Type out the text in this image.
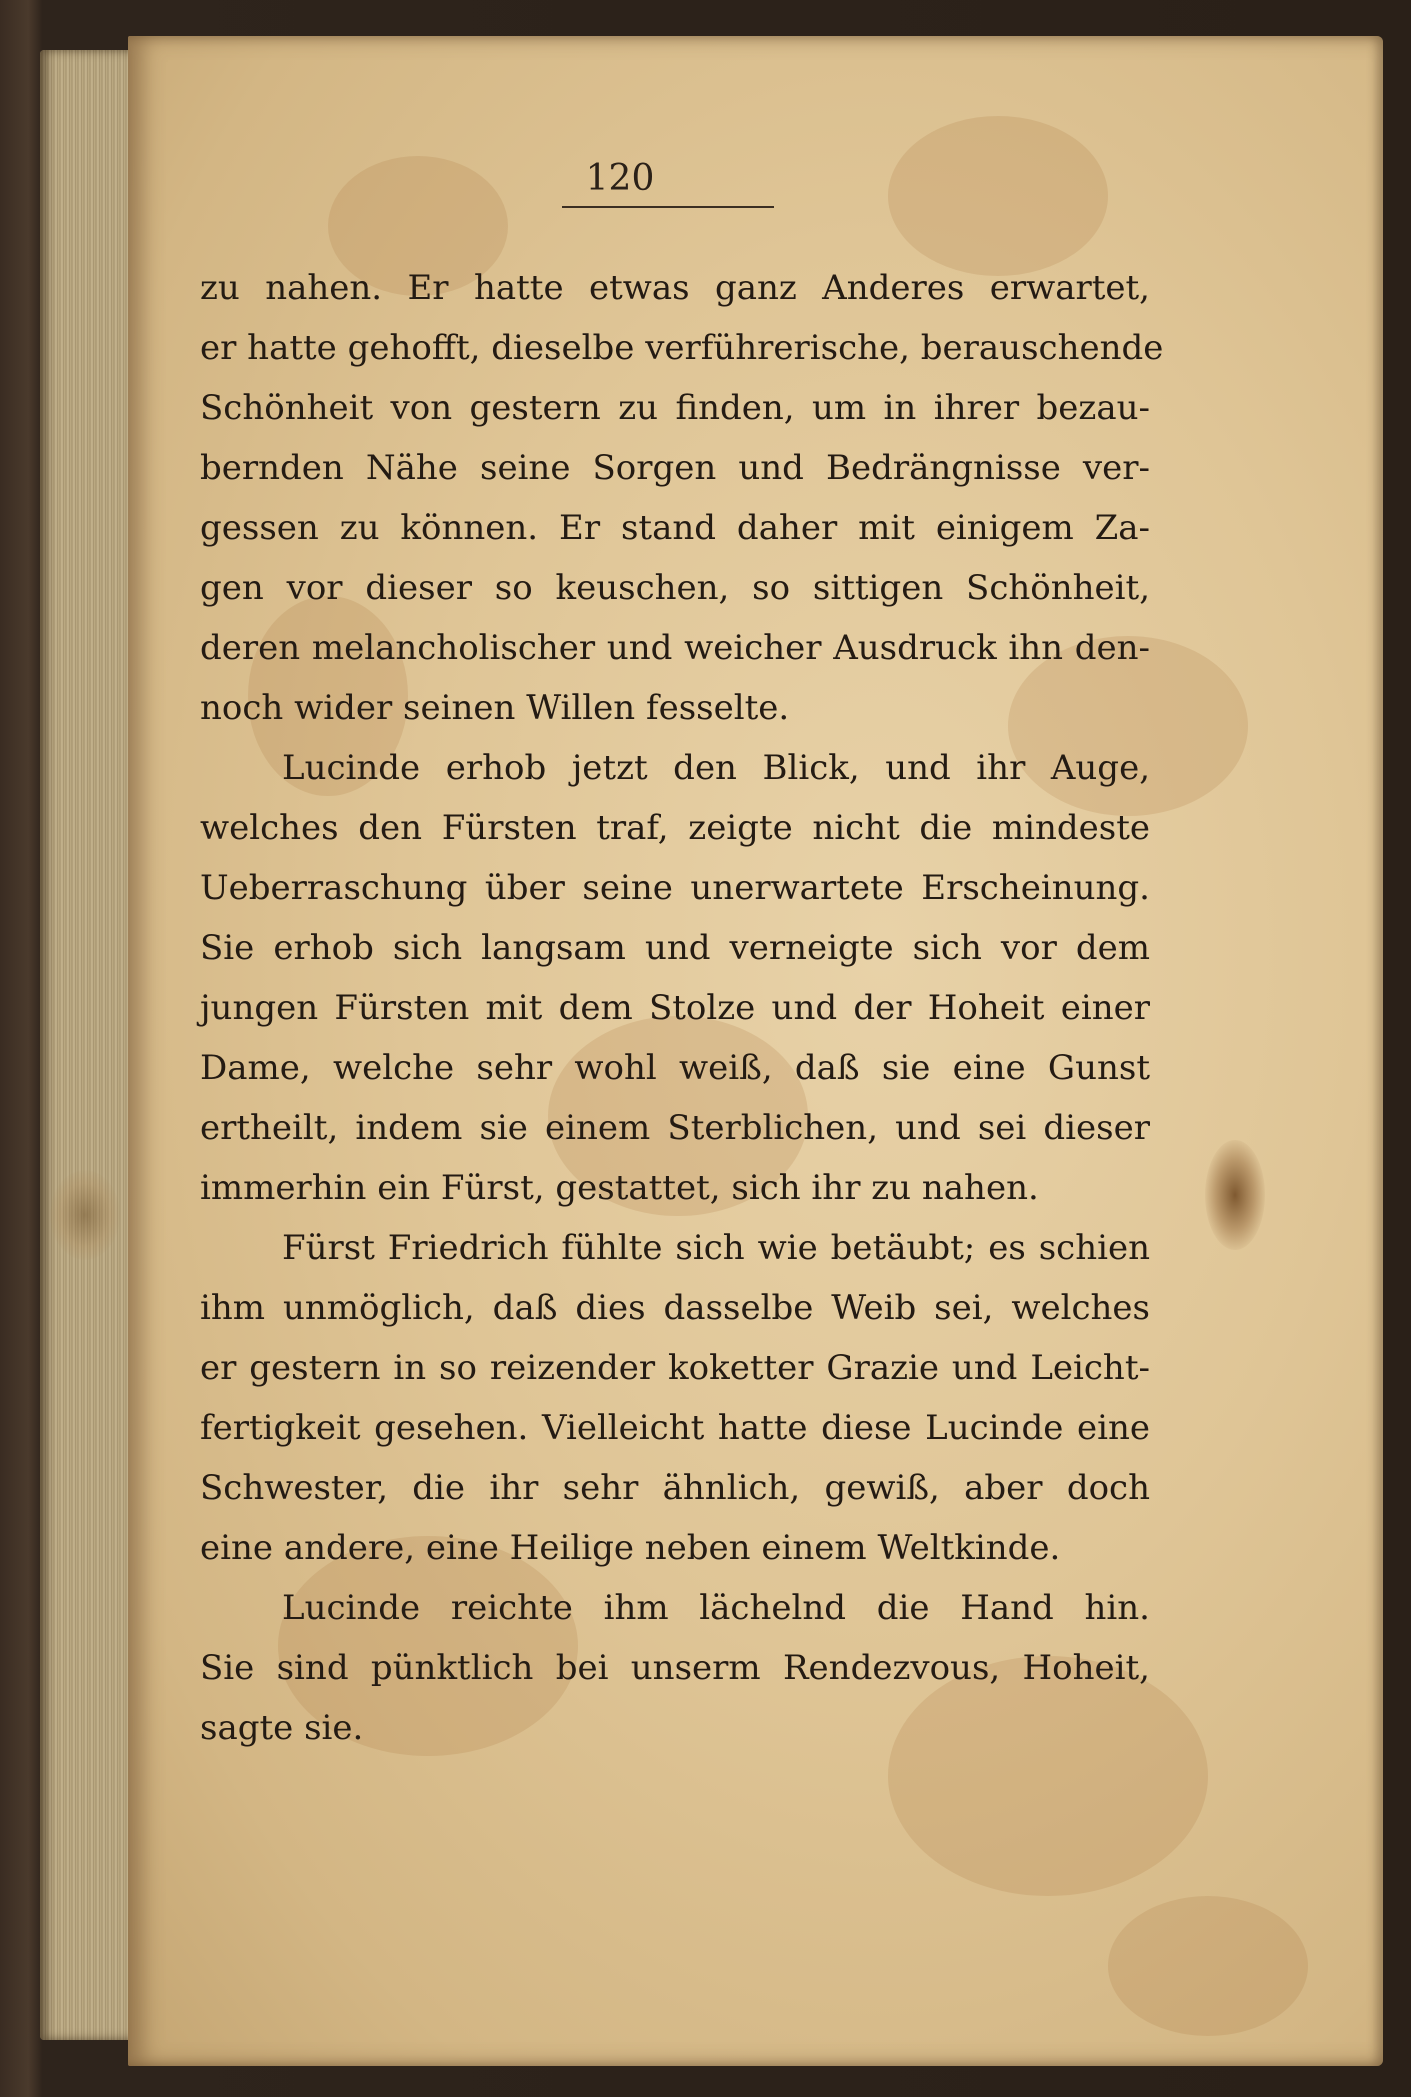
120
zu nahen. Er hatte etwas ganz Anderes erwartet,
er hatte gehofft, dieselbe verführerische, berauschende
Schönheit von gestern zu finden, um in ihrer bezau-
bernden Nähe seine Sorgen und Bedrängnisse ver-
gessen zu können. Er stand daher mit einigem Za-
gen vor dieser so keuschen, so sittigen Schönheit,
deren melancholischer und weicher Ausdruck ihn den-
noch wider seinen Willen fesselte.
Lucinde erhob jetzt den Blick, und ihr Auge,
welches den Fürsten traf, zeigte nicht die mindeste
Ueberraschung über seine unerwartete Erscheinung.
Sie erhob sich langsam und verneigte sich vor dem
jungen Fürsten mit dem Stolze und der Hoheit einer
Dame, welche sehr wohl weiß, daß sie eine Gunst
ertheilt, indem sie einem Sterblichen, und sei dieser
immerhin ein Fürst, gestattet, sich ihr zu nahen.
Fürst Friedrich fühlte sich wie betäubt; es schien
ihm unmöglich, daß dies dasselbe Weib sei, welches
er gestern in so reizender koketter Grazie und Leicht-
fertigkeit gesehen. Vielleicht hatte diese Lucinde eine
Schwester, die ihr sehr ähnlich, gewiß, aber doch
eine andere, eine Heilige neben einem Weltkinde.
Lucinde reichte ihm lächelnd die Hand hin.
Sie sind pünktlich bei unserm Rendezvous, Hoheit,
sagte sie.
